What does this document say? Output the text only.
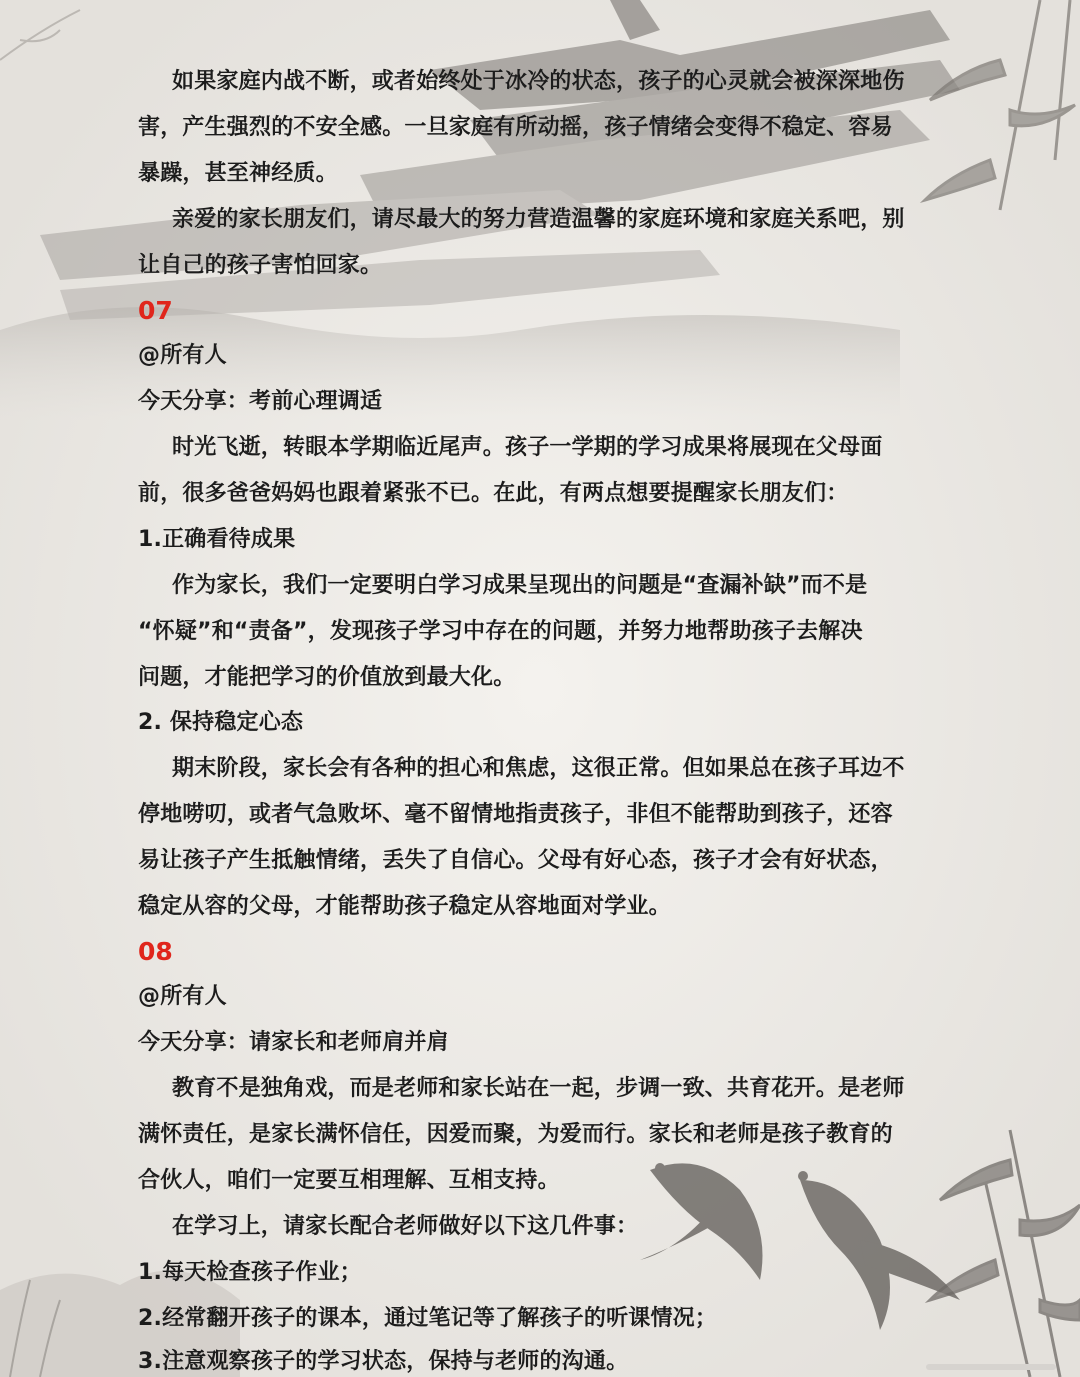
如果家庭内战不断，或者始终处于冰冷的状态，孩子的心灵就会被深深地伤
害，产生强烈的不安全感。一旦家庭有所动摇，孩子情绪会变得不稳定、容易
暴躁，甚至神经质。
亲爱的家长朋友们，请尽最大的努力营造温馨的家庭环境和家庭关系吧，别
让自己的孩子害怕回家。
07
@所有人
今天分享：考前心理调适
时光飞逝，转眼本学期临近尾声。孩子一学期的学习成果将展现在父母面
前，很多爸爸妈妈也跟着紧张不已。在此，有两点想要提醒家长朋友们：
1.正确看待成果
作为家长，我们一定要明白学习成果呈现出的问题是“查漏补缺”而不是
“怀疑”和“责备”，发现孩子学习中存在的问题，并努力地帮助孩子去解决
问题，才能把学习的价值放到最大化。
2. 保持稳定心态
期末阶段，家长会有各种的担心和焦虑，这很正常。但如果总在孩子耳边不
停地唠叨，或者气急败坏、毫不留情地指责孩子，非但不能帮助到孩子，还容
易让孩子产生抵触情绪，丢失了自信心。父母有好心态，孩子才会有好状态，
稳定从容的父母，才能帮助孩子稳定从容地面对学业。
08
@所有人
今天分享：请家长和老师肩并肩
教育不是独角戏，而是老师和家长站在一起，步调一致、共育花开。是老师
满怀责任，是家长满怀信任，因爱而聚，为爱而行。家长和老师是孩子教育的
合伙人，咱们一定要互相理解、互相支持。
在学习上，请家长配合老师做好以下这几件事：
1.每天检查孩子作业；
2.经常翻开孩子的课本，通过笔记等了解孩子的听课情况；
3.注意观察孩子的学习状态，保持与老师的沟通。
